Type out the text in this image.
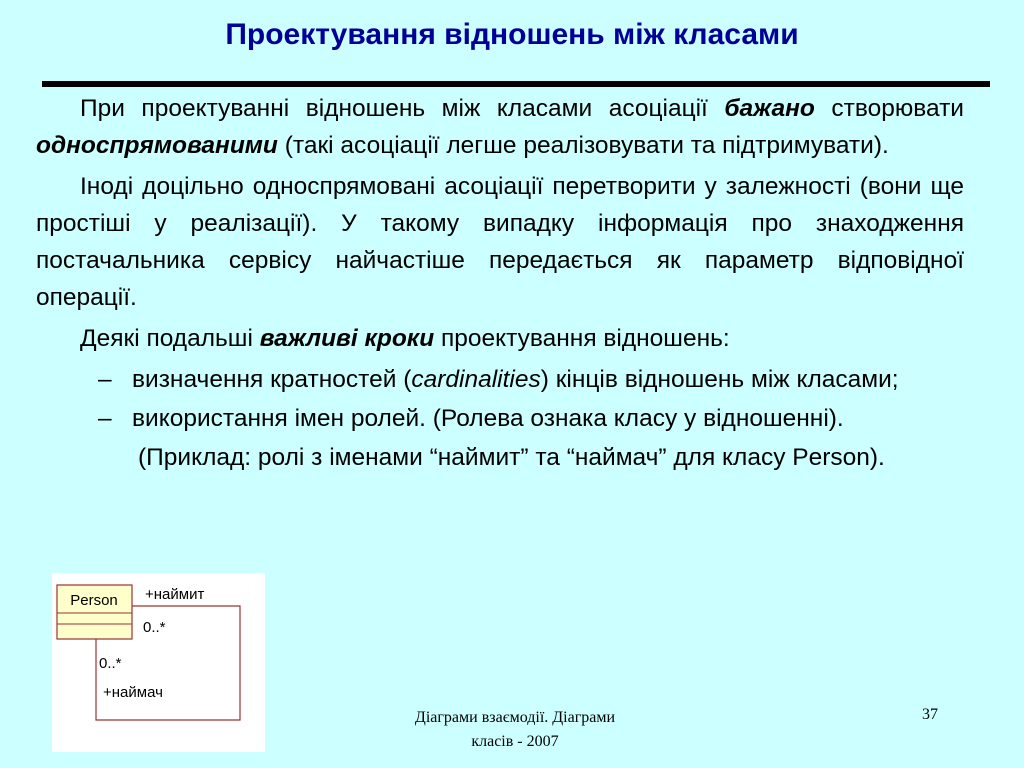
Проектування відношень між класами

При проектуванні відношень між класами асоціації бажано створювати односпрямованими (такі асоціації легше реалізовувати та підтримувати).

Іноді доцільно односпрямовані асоціації перетворити у залежності (вони ще простіші у реалізації). У такому випадку інформація про знаходження постачальника сервісу найчастіше передається як параметр відповідної операції.

Деякі подальші важливі кроки проектування відношень:

– визначення кратностей (cardinalities) кінців відношень між класами;
– використання імен ролей. (Ролева ознака класу у відношенні).
(Приклад: ролі з іменами “наймит” та “наймач” для класу Person).
Person +наймит
0..*
0..*
+наймач
Діаграми взаємодії. Діаграми
класів - 2007
37
